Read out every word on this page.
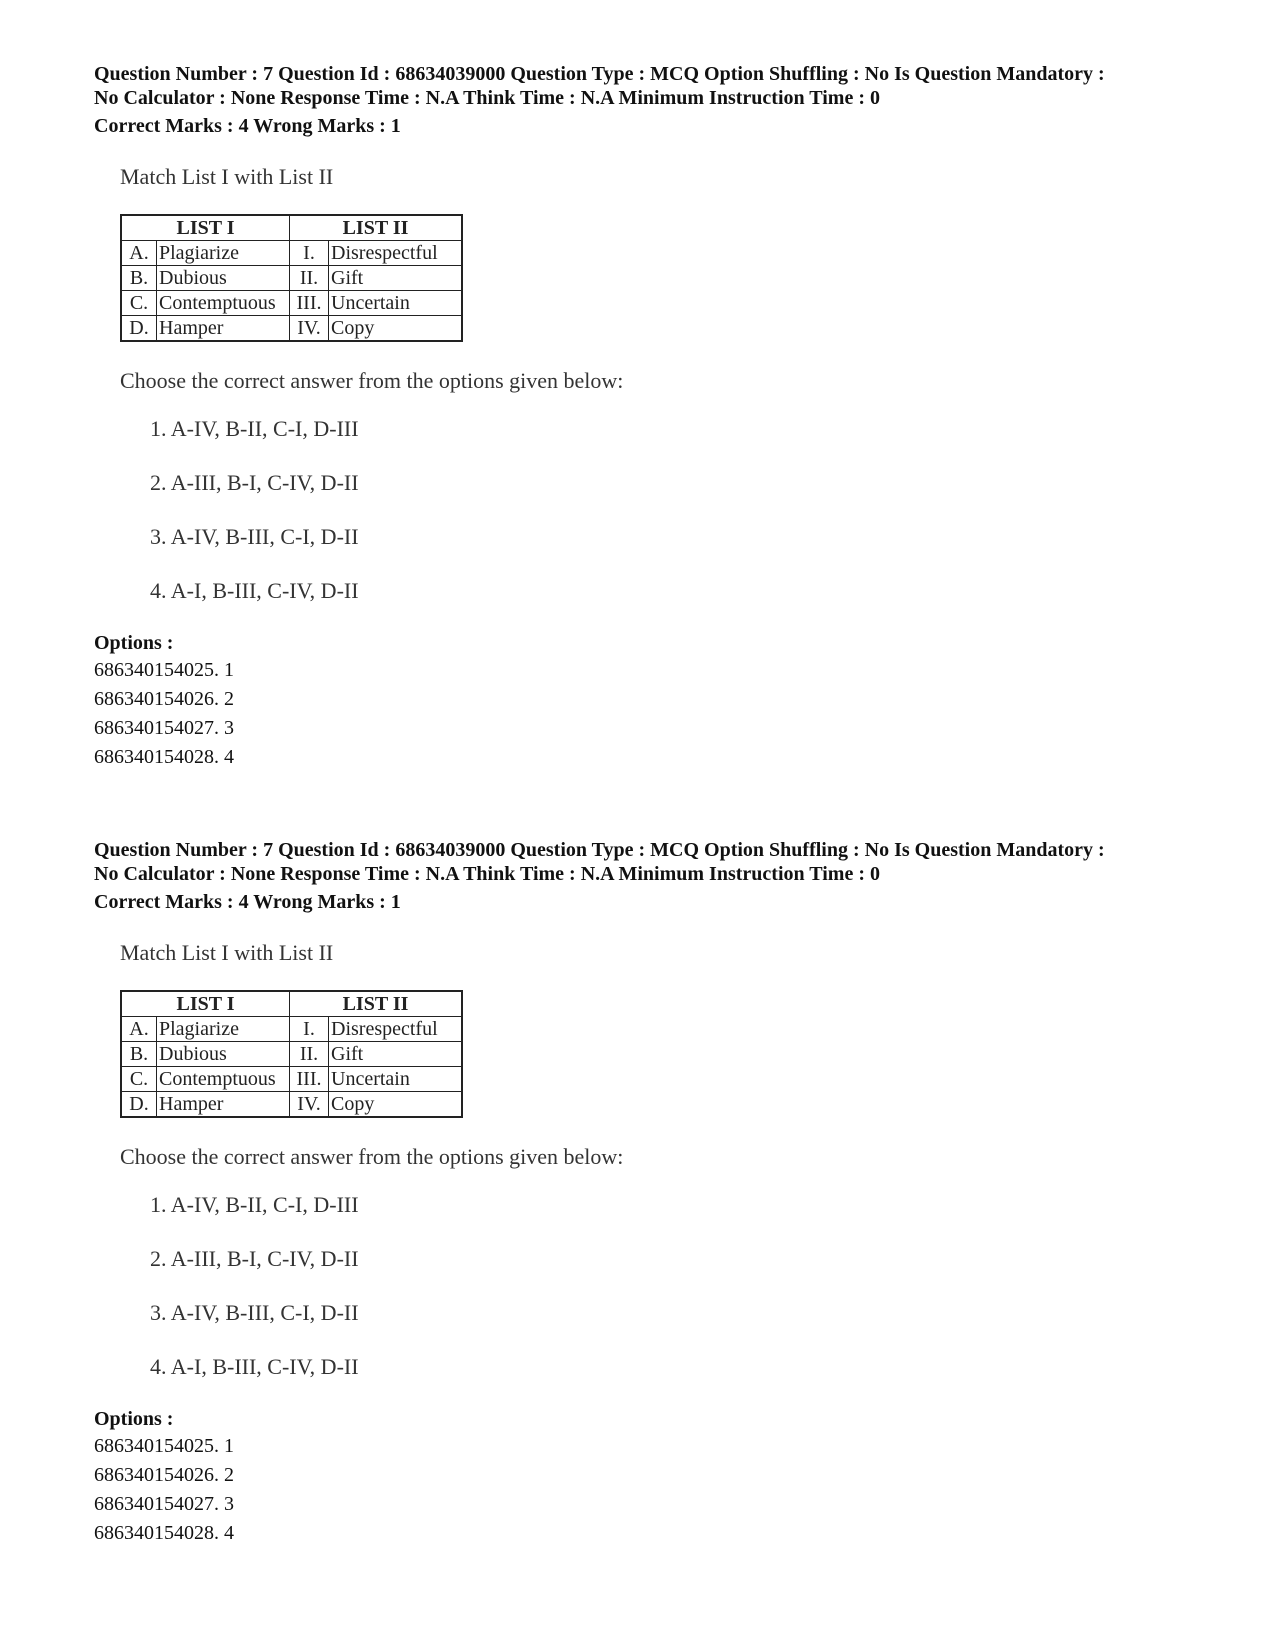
Question Number : 7 Question Id : 68634039000 Question Type : MCQ Option Shuffling : No Is Question Mandatory :

No Calculator : None Response Time : N.A Think Time : N.A Minimum Instruction Time : 0

Correct Marks : 4 Wrong Marks : 1
Match List I with List II
LIST I		LIST II	
A.	Plagiarize	I.	Disrespectful
B.	Dubious	II.	Gift
C.	Contemptuous	III.	Uncertain
D.	Hamper	IV.	Copy
Choose the correct answer from the options given below:
1. A-IV, B-II, C-I, D-III
2. A-III, B-I, C-IV, D-II
3. A-IV, B-III, C-I, D-II
4. A-I, B-III, C-IV, D-II
Options :
686340154025. 1
686340154026. 2
686340154027. 3
686340154028. 4

Question Number : 7 Question Id : 68634039000 Question Type : MCQ Option Shuffling : No Is Question Mandatory :

No Calculator : None Response Time : N.A Think Time : N.A Minimum Instruction Time : 0

Correct Marks : 4 Wrong Marks : 1
Match List I with List II
LIST I		LIST II	
A.	Plagiarize	I.	Disrespectful
B.	Dubious	II.	Gift
C.	Contemptuous	III.	Uncertain
D.	Hamper	IV.	Copy
Choose the correct answer from the options given below:
1. A-IV, B-II, C-I, D-III
2. A-III, B-I, C-IV, D-II
3. A-IV, B-III, C-I, D-II
4. A-I, B-III, C-IV, D-II
Options :
686340154025. 1
686340154026. 2
686340154027. 3
686340154028. 4
